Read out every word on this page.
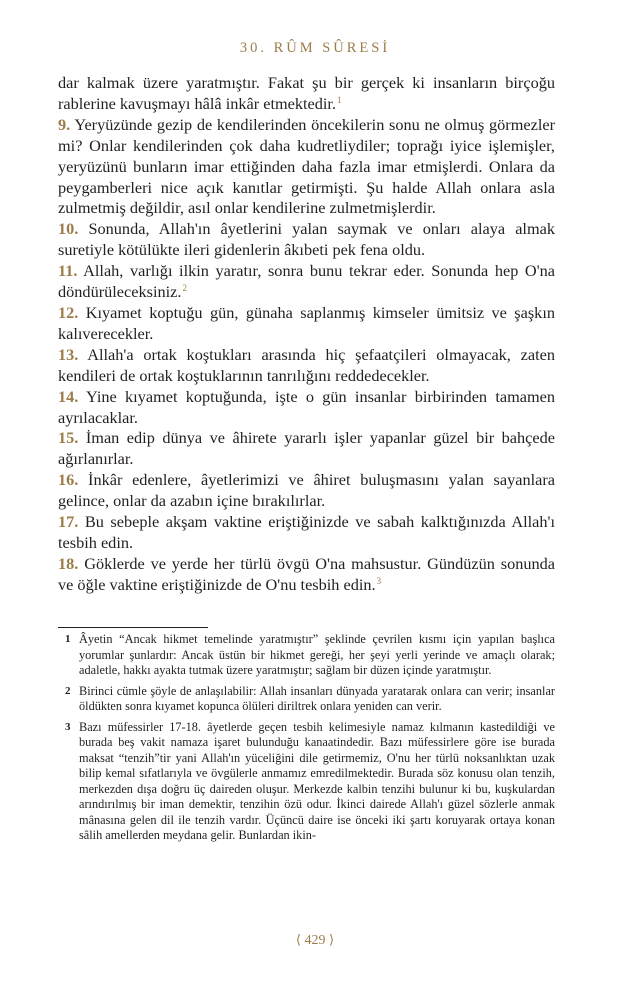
30. RÛM SÛRESİ

dar kalmak üzere yaratmıştır. Fakat şu bir gerçek ki insanların birçoğu rablerine kavuşmayı hâlâ inkâr etmektedir.$^1$

9. Yeryüzünde gezip de kendilerinden öncekilerin sonu ne olmuş görmezler mi? Onlar kendilerinden çok daha kudretliydiler; toprağı iyice işlemişler, yeryüzünü bunların imar ettiğinden daha fazla imar etmişlerdi. Onlara da peygamberleri nice açık kanıtlar getirmişti. Şu halde Allah onlara asla zulmetmiş değildir, asıl onlar kendilerine zulmetmişlerdir.

10. Sonunda, Allah'ın âyetlerini yalan saymak ve onları alaya almak suretiyle kötülükte ileri gidenlerin âkıbeti pek fena oldu.

11. Allah, varlığı ilkin yaratır, sonra bunu tekrar eder. Sonunda hep O'na döndürüleceksiniz.$^2$

12. Kıyamet koptuğu gün, günaha saplanmış kimseler ümitsiz ve şaşkın kalıverecekler.

13. Allah'a ortak koştukları arasında hiç şefaatçileri olmayacak, zaten kendileri de ortak koştuklarının tanrılığını reddedecekler.

14. Yine kıyamet koptuğunda, işte o gün insanlar birbirinden tamamen ayrılacaklar.

15. İman edip dünya ve âhirete yararlı işler yapanlar güzel bir bahçede ağırlanırlar.

16. İnkâr edenlere, âyetlerimizi ve âhiret buluşmasını yalan sayanlara gelince, onlar da azabın içine bırakılırlar.

17. Bu sebeple akşam vaktine eriştiğinizde ve sabah kalktığınızda Allah'ı tesbih edin.

18. Göklerde ve yerde her türlü övgü O'na mahsustur. Gündüzün sonunda ve öğle vaktine eriştiğinizde de O'nu tesbih edin.$^3$

1 Âyetin “Ancak hikmet temelinde yaratmıştır” şeklinde çevrilen kısmı için yapılan başlıca yorumlar şunlardır: Ancak üstün bir hikmet gereği, her şeyi yerli yerinde ve amaçlı olarak; adaletle, hakkı ayakta tutmak üzere yaratmıştır; sağlam bir düzen içinde yaratmıştır.
2 Birinci cümle şöyle de anlaşılabilir: Allah insanları dünyada yaratarak onlara can verir; insanlar öldükten sonra kıyamet kopunca ölüleri diriltrek onlara yeniden can verir.
3 Bazı müfessirler 17-18. âyetlerde geçen tesbih kelimesiyle namaz kılmanın kastedildiği ve burada beş vakit namaza işaret bulunduğu kanaatindedir. Bazı müfessirlere göre ise burada maksat “tenzih”tir yani Allah'ın yüceliğini dile getirmemiz, O'nu her türlü noksanlıktan uzak bilip kemal sıfatlarıyla ve övgülerle anmamız emredilmektedir. Burada söz konusu olan tenzih, merkezden dışa doğru üç daireden oluşur. Merkezde kalbin tenzihi bulunur ki bu, kuşkulardan arındırılmış bir iman demektir, tenzihin özü odur. İkinci dairede Allah'ı güzel sözlerle anmak mânasına gelen dil ile tenzih vardır. Üçüncü daire ise önceki iki şartı koruyarak ortaya konan sâlih amellerden meydana gelir. Bunlardan ikin-
⟨ 429 ⟩
